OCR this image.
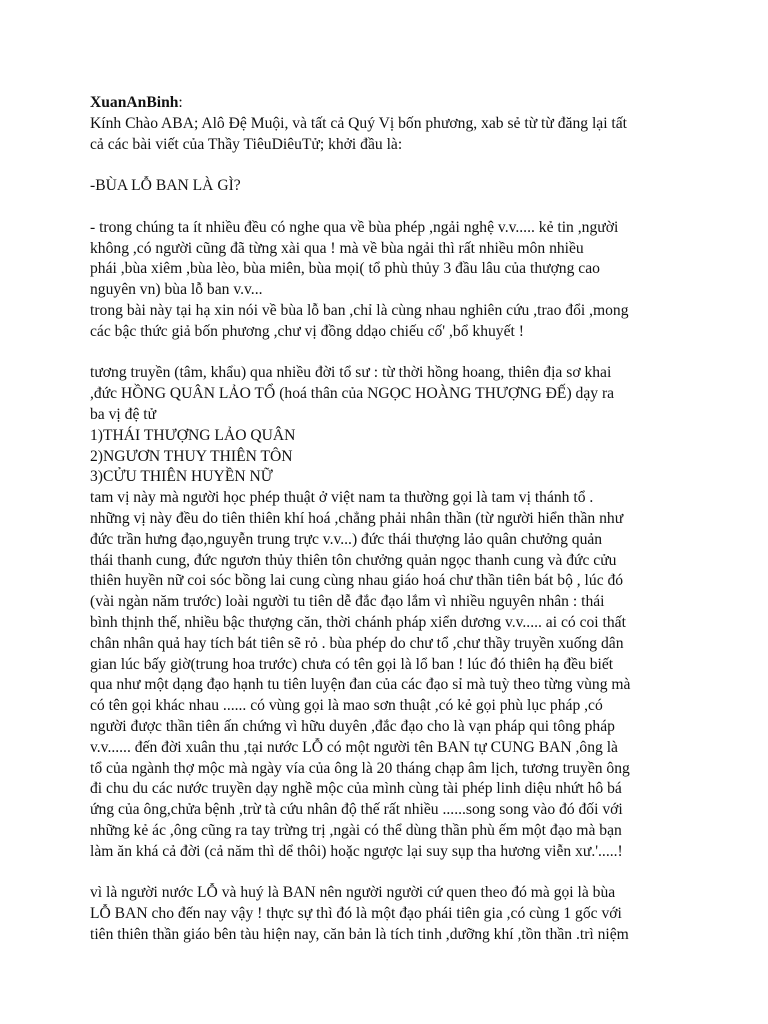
XuanAnBinh:
Kính Chào ABA; Alô Đệ Muội, và tất cả Quý Vị bốn phương, xab sẻ từ từ đăng lại tất
cả các bài viết của Thầy TiêuDiêuTử; khởi đầu là:
-BÙA LỖ BAN LÀ GÌ?
- trong chúng ta ít nhiều đều có nghe qua về bùa phép ,ngải nghệ v.v..... kẻ tin ,người
không ,có người cũng đã từng xài qua ! mà về bùa ngải thì rất nhiều môn nhiều
phái ,bùa xiêm ,bùa lèo, bùa miên, bùa mọi( tổ phù thủy 3 đầu lâu của thượng cao
nguyên vn) bùa lỗ ban v.v...
trong bài này tại hạ xin nói về bùa lỗ ban ,chỉ là cùng nhau nghiên cứu ,trao đổi ,mong
các bậc thức giả bốn phương ,chư vị đồng ddạo chiếu cố' ,bổ khuyết !
tương truyền (tâm, khẩu) qua nhiều đời tổ sư : từ thời hồng hoang, thiên địa sơ khai
,đức HỒNG QUÂN LẢO TỔ (hoá thân của NGỌC HOÀNG THƯỢNG ĐẾ) dạy ra
ba vị đệ tử
1)THÁI THƯỢNG LẢO QUÂN
2)NGƯƠN THUY THIÊN TÔN
3)CỬU THIÊN HUYỀN NỮ
tam vị này mà người học phép thuật ở việt nam ta thường gọi là tam vị thánh tổ .
những vị này đều do tiên thiên khí hoá ,chẳng phải nhân thần (từ người hiển thần như
đức trần hưng đạo,nguyễn trung trực v.v...) đức thái thượng lảo quân chưởng quản
thái thanh cung, đức ngươn thủy thiên tôn chưởng quản ngọc thanh cung và đức cửu
thiên huyền nữ coi sóc bồng lai cung cùng nhau giáo hoá chư thần tiên bát bộ , lúc đó
(vài ngàn năm trước) loài người tu tiên dễ đắc đạo lắm vì nhiều nguyên nhân : thái
bình thịnh thế, nhiều bậc thượng căn, thời chánh pháp xiển dương v.v..... ai có coi thất
chân nhân quả hay tích bát tiên sẽ rỏ . bùa phép do chư tổ ,chư thầy truyền xuống dân
gian lúc bấy giờ(trung hoa trước) chưa có tên gọi là lổ ban ! lúc đó thiên hạ đều biết
qua như một dạng đạo hạnh tu tiên luyện đan của các đạo sỉ mà tuỳ theo từng vùng mà
có tên gọi khác nhau ...... có vùng gọi là mao sơn thuật ,có kẻ gọi phù lục pháp ,có
người được thần tiên ấn chứng vì hữu duyên ,đắc đạo cho là vạn pháp qui tông pháp
v.v...... đến đời xuân thu ,tại nước LỖ có một người tên BAN tự CUNG BAN ,ông là
tổ của ngành thợ mộc mà ngày vía của ông là 20 tháng chạp âm lịch, tương truyền ông
đi chu du các nước truyền dạy nghề mộc của mình cùng tài phép linh diệu nhứt hô bá
ứng của ông,chửa bệnh ,trừ tà cứu nhân độ thế rất nhiều ......song song vào đó đối với
những kẻ ác ,ông cũng ra tay trừng trị ,ngài có thể dùng thần phù ếm một đạo mà bạn
làm ăn khá cả đời (cả năm thì dể thôi) hoặc ngược lại suy sụp tha hương viễn xư.'.....!
vì là người nước LỖ và huý là BAN nên người người cứ quen theo đó mà gọi là bùa
LỖ BAN cho đến nay vậy ! thực sự thì đó là một đạo phái tiên gia ,có cùng 1 gốc với
tiên thiên thần giáo bên tàu hiện nay, căn bản là tích tinh ,dưỡng khí ,tồn thần .trì niệm
